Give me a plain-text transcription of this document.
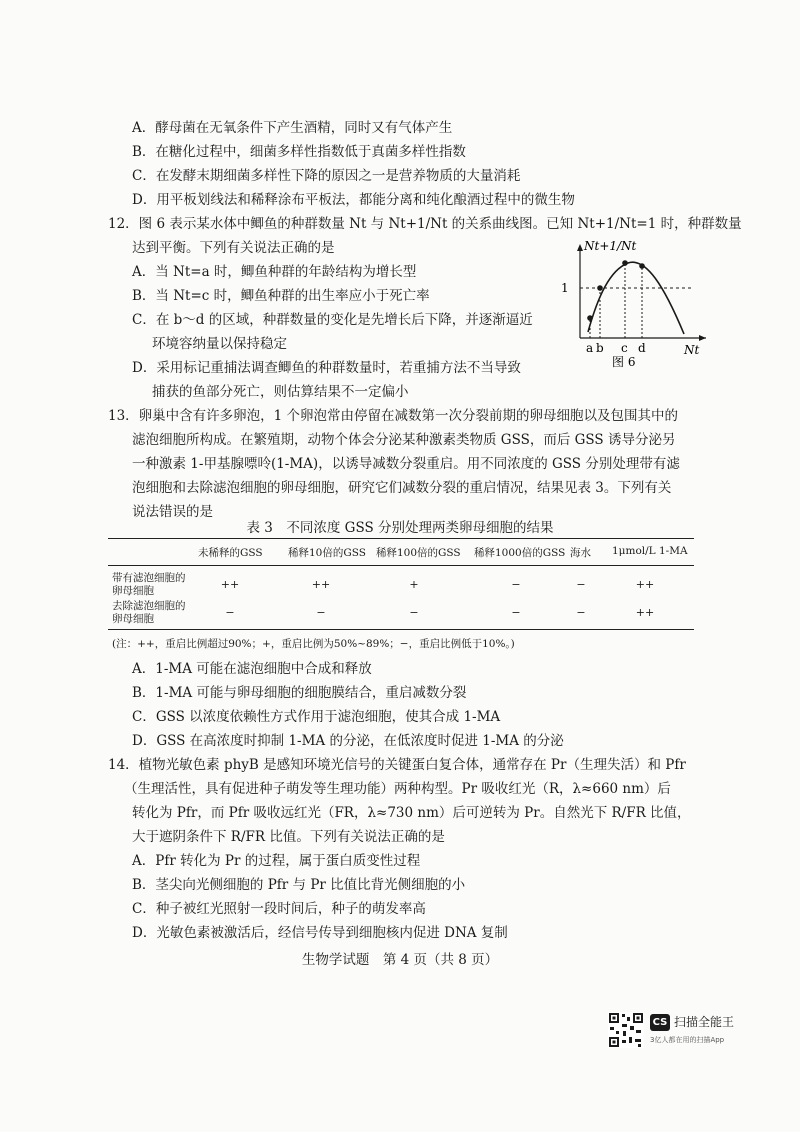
A．酵母菌在无氧条件下产生酒精，同时又有气体产生
B．在糖化过程中，细菌多样性指数低于真菌多样性指数
C．在发酵末期细菌多样性下降的原因之一是营养物质的大量消耗
D．用平板划线法和稀释涂布平板法，都能分离和纯化酿酒过程中的微生物
12．图 6 表示某水体中鲫鱼的种群数量 Nt 与 Nt+1/Nt 的关系曲线图。已知 Nt+1/Nt=1 时，种群数量
达到平衡。下列有关说法正确的是
A．当 Nt=a 时，鲫鱼种群的年龄结构为增长型
B．当 Nt=c 时，鲫鱼种群的出生率应小于死亡率
C．在 b～d 的区域，种群数量的变化是先增长后下降，并逐渐逼近
环境容纳量以保持稳定
D．采用标记重捕法调查鲫鱼的种群数量时，若重捕方法不当导致
捕获的鱼部分死亡，则估算结果不一定偏小
Nt+1/Nt
1
Nt
a b c d
图 6
13．卵巢中含有许多卵泡，1 个卵泡常由停留在减数第一次分裂前期的卵母细胞以及包围其中的
滤泡细胞所构成。在繁殖期，动物个体会分泌某种激素类物质 GSS，而后 GSS 诱导分泌另
一种激素 1-甲基腺嘌呤(1-MA)，以诱导减数分裂重启。用不同浓度的 GSS 分别处理带有滤
泡细胞和去除滤泡细胞的卵母细胞，研究它们减数分裂的重启情况，结果见表 3。下列有关
说法错误的是
表 3　不同浓度 GSS 分别处理两类卵母细胞的结果
未稀释的GSS 稀释10倍的GSS 稀释100倍的GSS 稀释1000倍的GSS 海水 1μmol/L 1-MA
带有滤泡细胞的
卵母细胞	++	++	+	−	−	++
去除滤泡细胞的
卵母细胞	−	−	−	−	−	++
(注：++，重启比例超过90%；+，重启比例为50%~89%；−，重启比例低于10%。)
A．1-MA 可能在滤泡细胞中合成和释放
B．1-MA 可能与卵母细胞的细胞膜结合，重启减数分裂
C．GSS 以浓度依赖性方式作用于滤泡细胞，使其合成 1-MA
D．GSS 在高浓度时抑制 1-MA 的分泌，在低浓度时促进 1-MA 的分泌
14．植物光敏色素 phyB 是感知环境光信号的关键蛋白复合体，通常存在 Pr（生理失活）和 Pfr
（生理活性，具有促进种子萌发等生理功能）两种构型。Pr 吸收红光（R，λ≈660 nm）后
转化为 Pfr，而 Pfr 吸收远红光（FR，λ≈730 nm）后可逆转为 Pr。自然光下 R/FR 比值，
大于遮阴条件下 R/FR 比值。下列有关说法正确的是
A．Pfr 转化为 Pr 的过程，属于蛋白质变性过程
B．茎尖向光侧细胞的 Pfr 与 Pr 比值比背光侧细胞的小
C．种子被红光照射一段时间后，种子的萌发率高
D．光敏色素被激活后，经信号传导到细胞核内促进 DNA 复制
生物学试题　第 4 页（共 8 页）
CS 扫描全能王
3亿人都在用的扫描App
